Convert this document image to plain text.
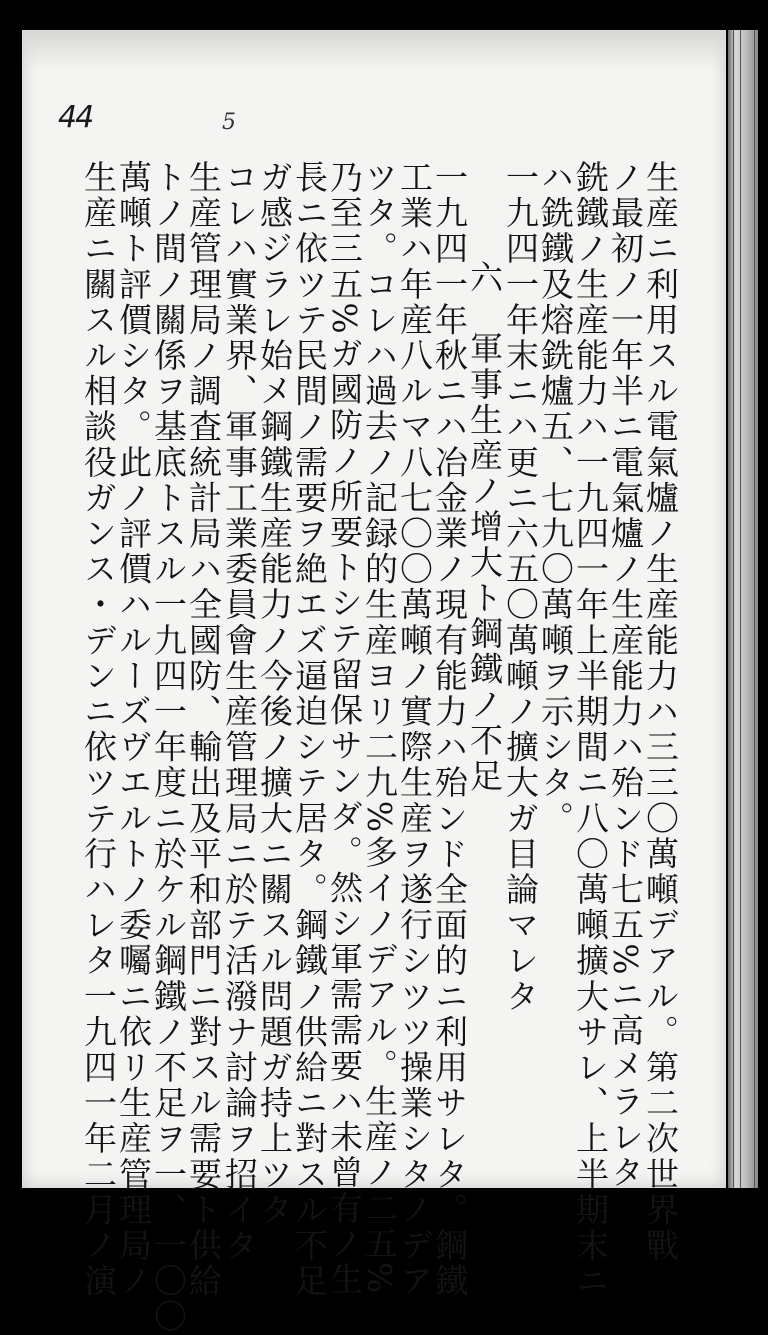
44	5
生産ニ利用スル電氣爐ノ生産能力ハ三三〇萬噸デアル。第二次世界戰
ノ最初ノ一年半ニ電氣爐ノ生産能力ハ殆ンド七五%ニ高メラレタ
銑鐵ノ生産能力ハ一九四一年上半期間ニ八〇萬噸擴大サレ、上半期末ニ
ハ銑鐵及熔銑爐五、七九〇萬噸ヲ示シタ。
一九四一年末ニハ更ニ六五〇萬噸ノ擴大ガ目論マレタ
六　軍事生産ノ增大ト鋼鐵ノ不足
一九四一年秋ニハ冶金業ノ現有能力ハ殆ンド全面的ニ利用サレタ。鋼鐵
工業ハ年産八ルマ八七〇〇萬噸ノ實際生産ヲ遂行シツツ操業シタノデア
ツタ。コレハ過去ノ記録的生産ヨリ二九%多イノデアル。生産ノ二五%
乃至三五%ガ國防ノ所要トシテ留保サンダ。然シ軍需需要ハ未曾有ノ生
長ニ依ツテ民間ノ需要ヲ絶エズ逼迫シテ居タ。鋼鐵ノ供給ニ對スル不足
ガ感ジラレ始メ鋼鐵生産能力ノ今後ノ擴大ニ關スル問題ガ持上ツタ
コレハ實業界、軍事工業委員會生産管理局ニ於テ活潑ナ討論ヲ招イタ
生産管理局ノ調査統計局ハ全國防、輸出及平和部門ニ對スル需要ト供給
トノ間ノ關係ヲ基底トスル一九四一年度ニ於ケル鋼鐵ノ不足ヲ一、一〇〇
萬噸ト評價シタ。此ノ評價ハルーズヴエルトノ委囑ニ依リ生産管理局ノ
生産ニ關スル相談役ガンス・デンニ依ツテ行ハレタ一九四一年二月ノ演
